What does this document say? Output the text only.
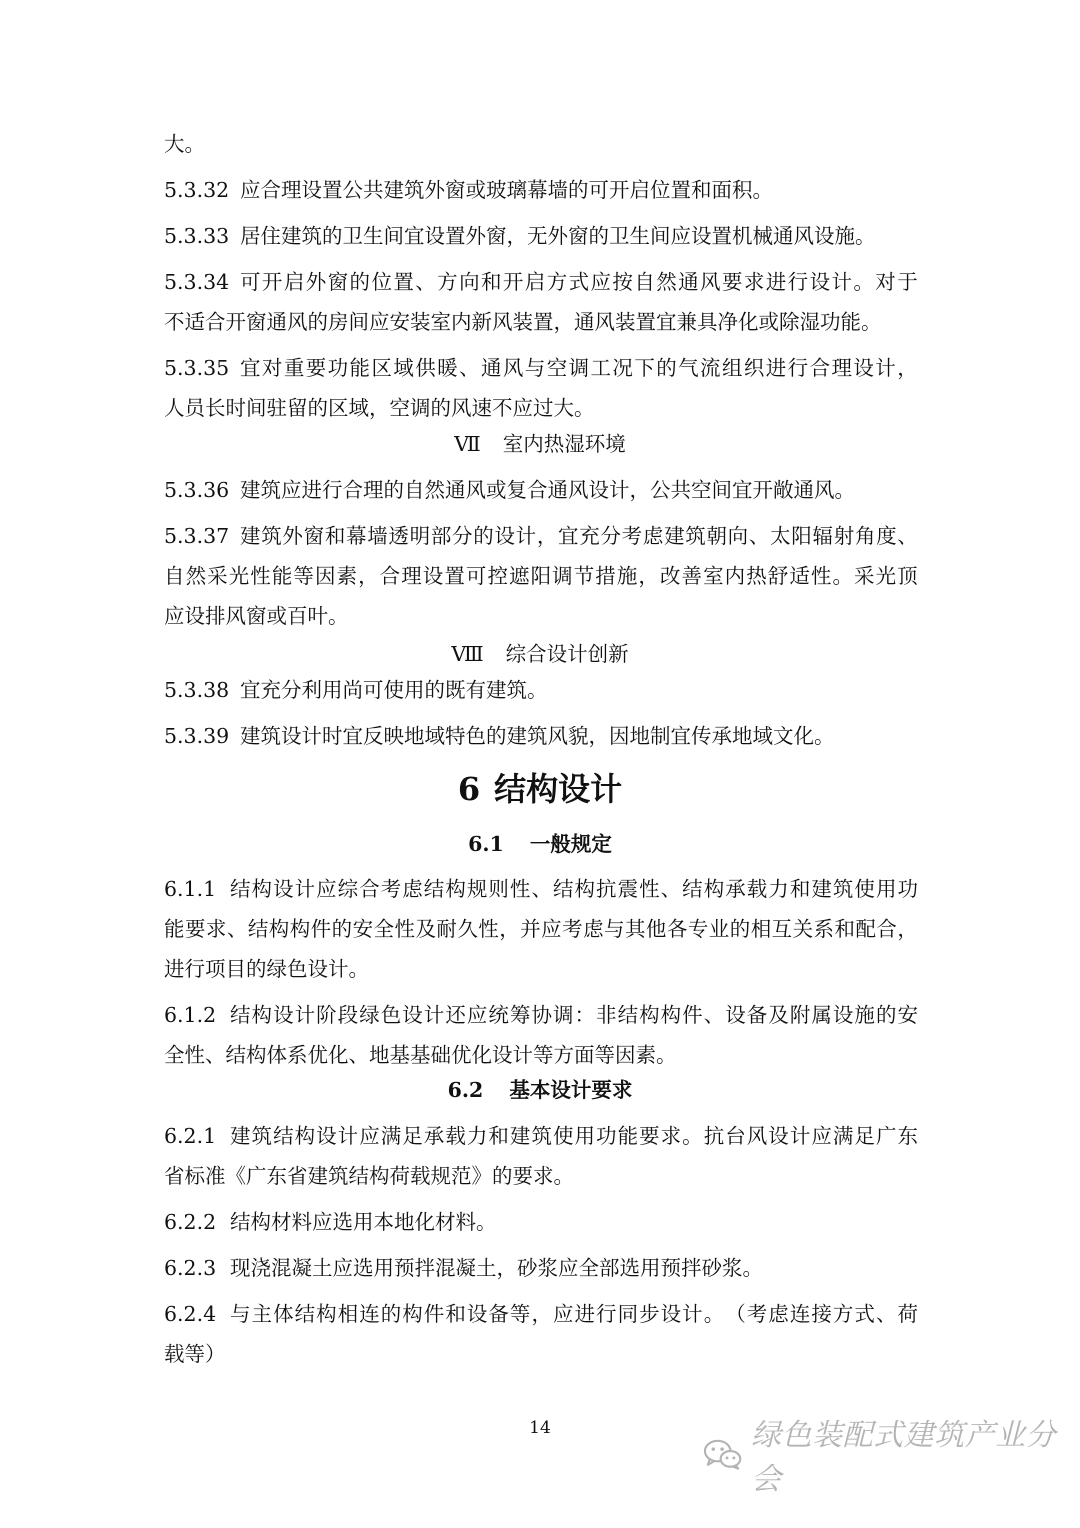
大。
5.3.32 应合理设置公共建筑外窗或玻璃幕墙的可开启位置和面积。
5.3.33 居住建筑的卫生间宜设置外窗，无外窗的卫生间应设置机械通风设施。
5.3.34 可 开 启 外 窗 的 位 置 、 方 向 和 开 启 方 式 应 按 自 然 通 风 要 求 进 行 设 计 。 对 于
不适合开窗通风的房间应安装室内新风装置，通风装置宜兼具净化或除湿功能。
5.3.35 宜 对 重 要 功 能 区 域 供 暖 、 通 风 与 空 调 工 况 下 的 气 流 组 织 进 行 合 理 设 计 ，
人员长时间驻留的区域，空调的风速不应过大。
Ⅶ 室内热湿环境
5.3.36 建筑应进行合理的自然通风或复合通风设计，公共空间宜开敞通风。
5.3.37 建 筑 外 窗 和 幕 墙 透 明 部 分 的 设 计 ， 宜 充 分 考 虑 建 筑 朝 向 、 太 阳 辐 射 角 度 、
自 然 采 光 性 能 等 因 素 ， 合 理 设 置 可 控 遮 阳 调 节 措 施 ， 改 善 室 内 热 舒 适 性 。 采 光 顶
应设排风窗或百叶。
Ⅷ 综合设计创新
5.3.38 宜充分利用尚可使用的既有建筑。
5.3.39 建筑设计时宜反映地域特色的建筑风貌，因地制宜传承地域文化。
6 结构设计
6.1 一般规定
6.1.1 结 构 设 计 应 综 合 考 虑 结 构 规 则 性 、 结 构 抗 震 性 、 结 构 承 载 力 和 建 筑 使 用 功
能 要 求 、 结 构 构 件 的 安 全 性 及 耐 久 性 ， 并 应 考 虑 与 其 他 各 专 业 的 相 互 关 系 和 配 合 ，
进行项目的绿色设计。
6.1.2 结 构 设 计 阶 段 绿 色 设 计 还 应 统 筹 协 调 ： 非 结 构 构 件 、 设 备 及 附 属 设 施 的 安
全性、结构体系优化、地基基础优化设计等方面等因素。
6.2 基本设计要求
6.2.1 建 筑 结 构 设 计 应 满 足 承 载 力 和 建 筑 使 用 功 能 要 求 。 抗 台 风 设 计 应 满 足 广 东
省标准《广东省建筑结构荷载规范》的要求。
6.2.2 结构材料应选用本地化材料。
6.2.3 现浇混凝土应选用预拌混凝土，砂浆应全部选用预拌砂浆。
6.2.4 与 主 体 结 构 相 连 的 构 件 和 设 备 等 ， 应 进 行 同 步 设 计 。 （ 考 虑 连 接 方 式 、 荷
载等）
14	绿色装配式建筑产业分会
